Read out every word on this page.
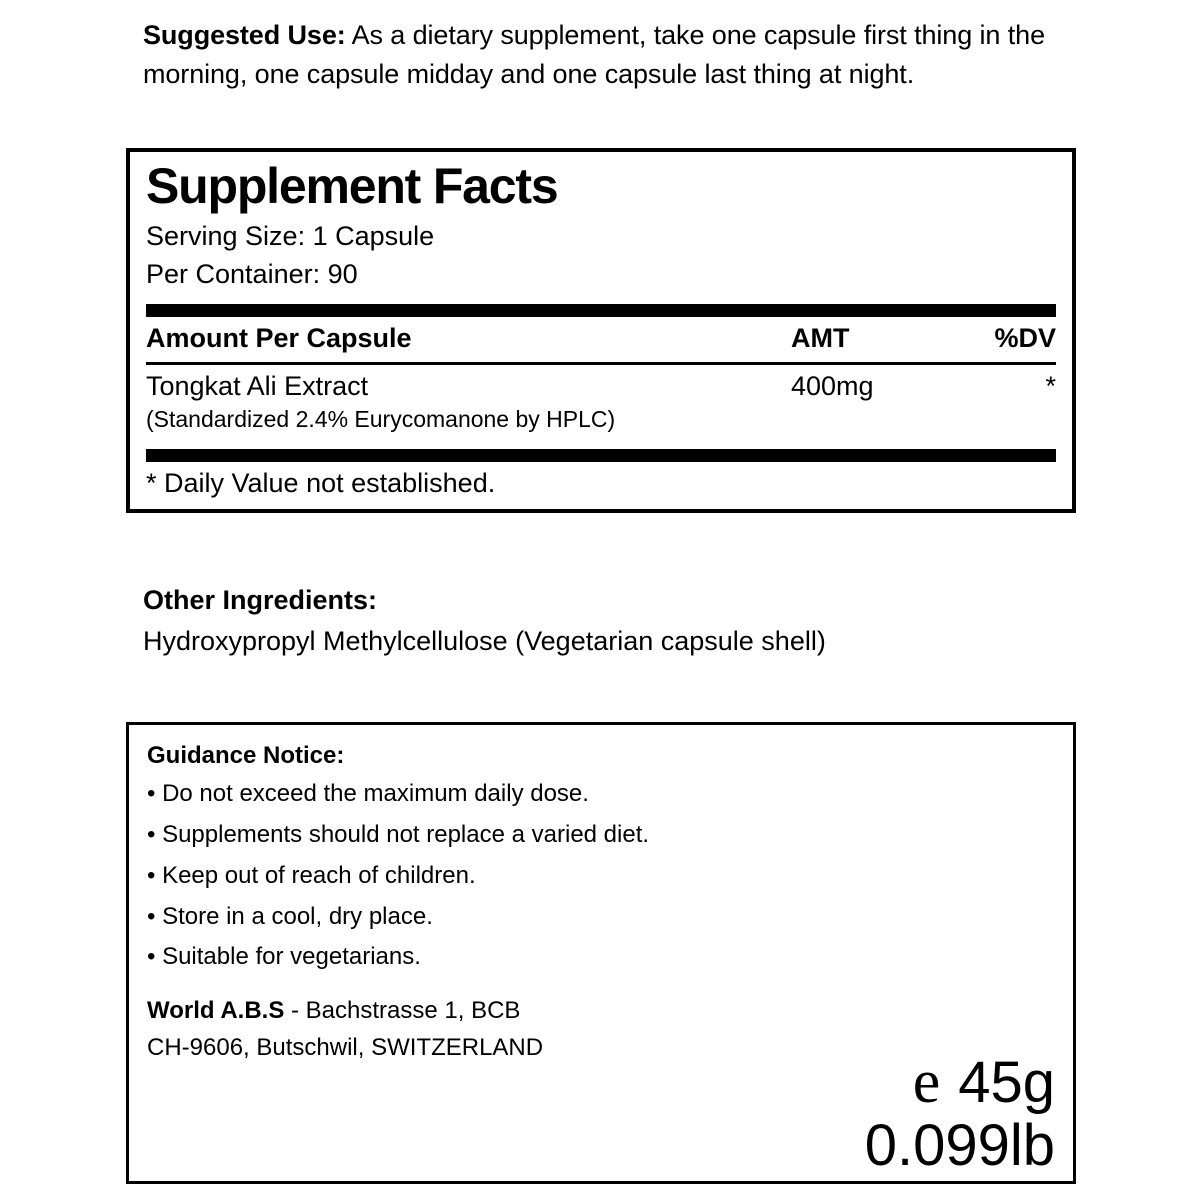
Suggested Use: As a dietary supplement, take one capsule first thing in the morning, one capsule midday and one capsule last thing at night.
Supplement Facts
Serving Size: 1 Capsule
Per Container: 90
Amount Per Capsule	AMT	%DV
Tongkat Ali Extract	400mg	*
(Standardized 2.4% Eurycomanone by HPLC)
* Daily Value not established.
Other Ingredients:
Hydroxypropyl Methylcellulose (Vegetarian capsule shell)
Guidance Notice:
• Do not exceed the maximum daily dose.
• Supplements should not replace a varied diet.
• Keep out of reach of children.
• Store in a cool, dry place.
• Suitable for vegetarians.
World A.B.S - Bachstrasse 1, BCB
CH-9606, Butschwil, SWITZERLAND
e 45g
0.099lb
